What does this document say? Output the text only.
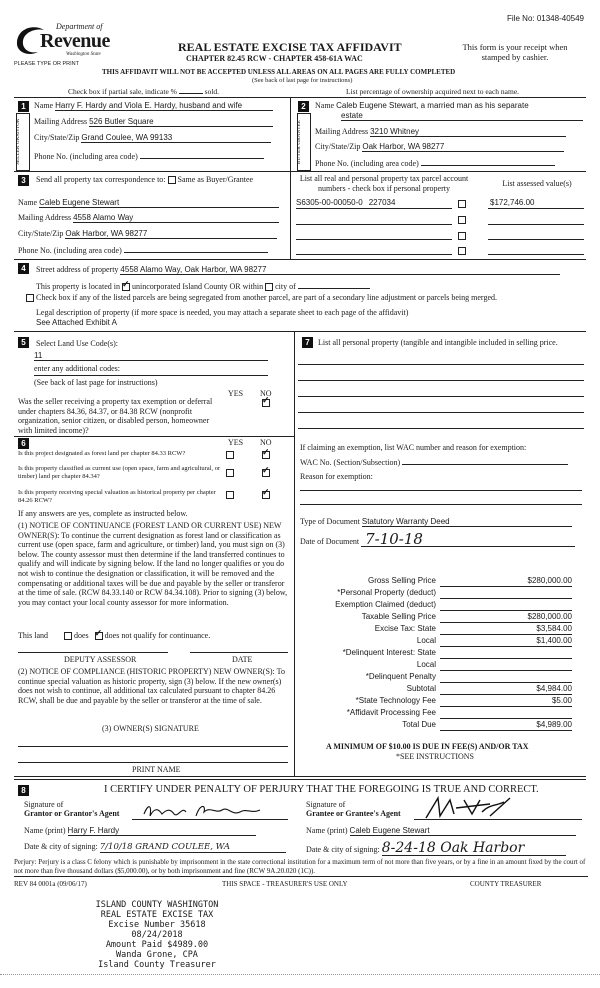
File No: 01348-40549
Department of
Revenue
Washington State
PLEASE TYPE OR PRINT
REAL ESTATE EXCISE TAX AFFIDAVIT
CHAPTER 82.45 RCW - CHAPTER 458-61A WAC
This form is your receipt when stamped by cashier.
THIS AFFIDAVIT WILL NOT BE ACCEPTED UNLESS ALL AREAS ON ALL PAGES ARE FULLY COMPLETED
(See back of last page for instructions)
Check box if partial sale, indicate %	sold.	List percentage of ownership acquired next to each name.
1
SELLER GRANTOR
Name Harry F. Hardy and Viola E. Hardy, husband and wife
Mailing Address 526 Butler Square
City/State/Zip Grand Coulee, WA 99133
Phone No. (including area code)
2
BUYER GRANTEE
Name Caleb Eugene Stewart, a married man as his separate
estate
Mailing Address 3210 Whitney
City/State/Zip Oak Harbor, WA 98277
Phone No. (including area code)
3	Send all property tax correspondence to: Same as Buyer/Grantee
Name Caleb Eugene Stewart
Mailing Address 4558 Alamo Way
City/State/Zip Oak Harbor, WA 98277
Phone No. (including area code)
List all real and personal property tax parcel account
numbers - check box if personal property
List assessed value(s)
S6305-00-00050-0 227034	$172,746.00
4	Street address of property 4558 Alamo Way, Oak Harbor, WA 98277
This property is located in ✓ unincorporated Island County OR within city of
Check box if any of the listed parcels are being segregated from another parcel, are part of a secondary line adjustment or parcels being merged.
Legal description of property (if more space is needed, you may attach a separate sheet to each page of the affidavit)
See Attached Exhibit A
5	Select Land Use Code(s):
11
enter any additional codes:
(See back of last page for instructions)
YES NO
Was the seller receiving a property tax exemption or deferral under chapters 84.36, 84.37, or 84.38 RCW (nonprofit organization, senior citizen, or disabled person, homeowner with limited income)?
✓
7	List all personal property (tangible and intangible included in selling price.
6	YES NO
Is this project designated as forest land per chapter 84.33 RCW?
✓
Is this property classified as current use (open space, farm and agricultural, or timber) land per chapter 84.34?
✓
Is this property receiving special valuation as historical property per chapter 84.26 RCW?
✓
If any answers are yes, complete as instructed below.
(1) NOTICE OF CONTINUANCE (FOREST LAND OR CURRENT USE) NEW OWNER(S): To continue the current designation as forest land or classification as current use (open space, farm and agriculture, or timber) land, you must sign on (3) below. The county assessor must then determine if the land transferred continues to qualify and will indicate by signing below. If the land no longer qualifies or you do not wish to continue the designation or classification, it will be removed and the compensating or additional taxes will be due and payable by the seller or transferor at the time of sale. (RCW 84.33.140 or RCW 84.34.108). Prior to signing (3) below, you may contact your local county assessor for more information.
This land	does ✓ does not qualify for continuance.
DEPUTY ASSESSOR	DATE
(2) NOTICE OF COMPLIANCE (HISTORIC PROPERTY) NEW OWNER(S): To continue special valuation as historic property, sign (3) below. If the new owner(s) does not wish to continue, all additional tax calculated pursuant to chapter 84.26 RCW, shall be due and payable by the seller or transferor at the time of sale.
(3) OWNER(S) SIGNATURE
PRINT NAME
If claiming an exemption, list WAC number and reason for exemption:
WAC No. (Section/Subsection)
Reason for exemption:
Type of Document Statutory Warranty Deed
Date of Document 7-10-18
Gross Selling Price	$280,000.00
*Personal Property (deduct)
Exemption Claimed (deduct)
Taxable Selling Price	$280,000.00
Excise Tax: State	$3,584.00
Local	$1,400.00
*Delinquent Interest: State
Local
*Delinquent Penalty
Subtotal	$4,984.00
*State Technology Fee	$5.00
*Affidavit Processing Fee
Total Due	$4,989.00
A MINIMUM OF $10.00 IS DUE IN FEE(S) AND/OR TAX
*SEE INSTRUCTIONS
8	I CERTIFY UNDER PENALTY OF PERJURY THAT THE FOREGOING IS TRUE AND CORRECT.
Signature of
Grantor or Grantor's Agent
Name (print) Harry F. Hardy
Date & city of signing: 7/10/18 GRAND COULEE, WA
Signature of
Grantee or Grantee's Agent
Name (print) Caleb Eugene Stewart
Date & city of signing: 8-24-18 Oak Harbor
Perjury: Perjury is a class C felony which is punishable by imprisonment in the state correctional institution for a maximum term of not more than five years, or by a fine in an amount fixed by the court of not more than five thousand dollars ($5,000.00), or by both imprisonment and fine (RCW 9A.20.020 (1C)).
REV 84 0001a (09/06/17)	THIS SPACE - TREASURER'S USE ONLY	COUNTY TREASURER
ISLAND COUNTY WASHINGTON
REAL ESTATE EXCISE TAX
Excise Number 35618
08/24/2018
Amount Paid $4989.00
Wanda Grone, CPA
Island County Treasurer
